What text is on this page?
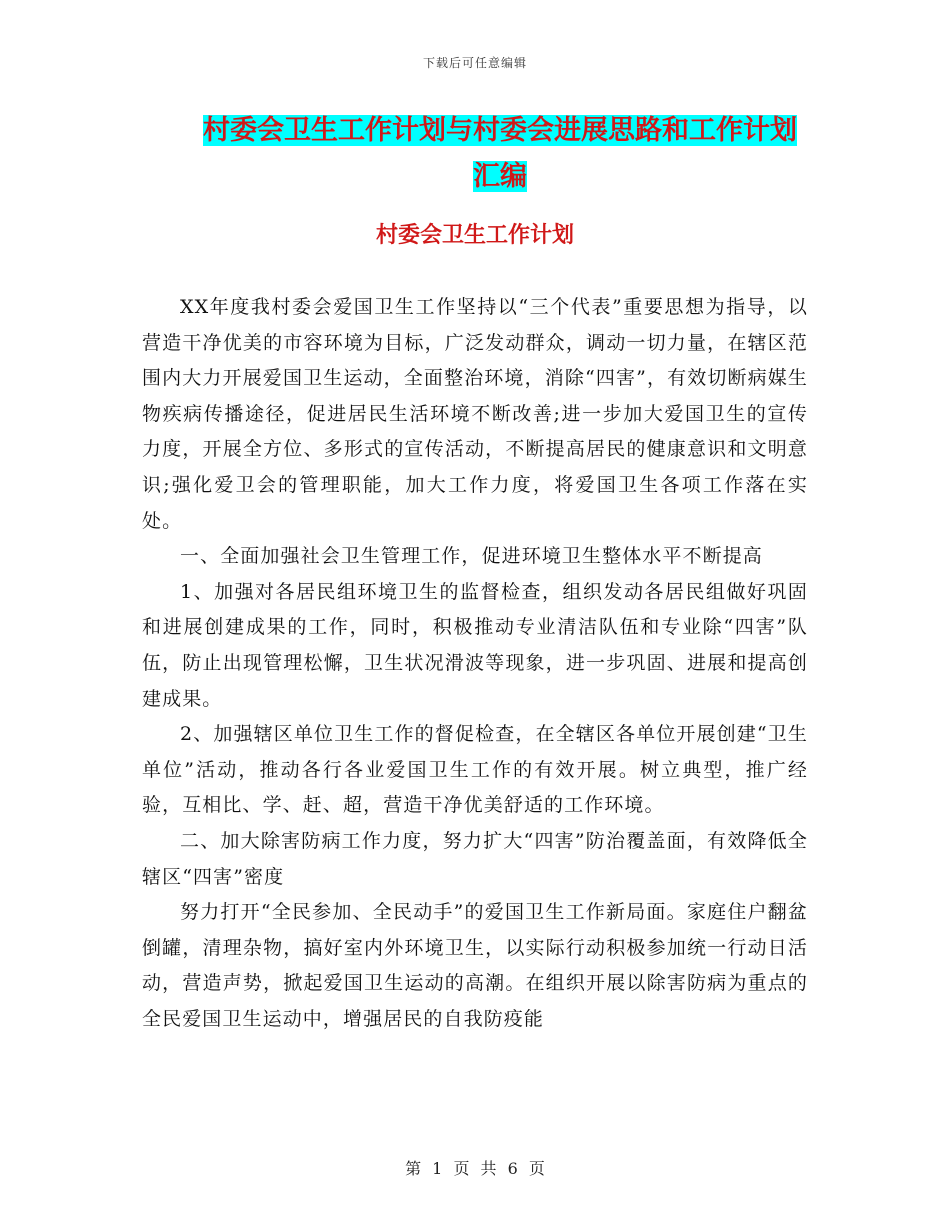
下载后可任意编辑
村委会卫生工作计划与村委会进展思路和工作计划汇编
村委会卫生工作计划

XX年度我村委会爱国卫生工作坚持以“三个代表”重要思想为指导，以营造干净优美的市容环境为目标，广泛发动群众，调动一切力量，在辖区范围内大力开展爱国卫生运动，全面整治环境，消除“四害”，有效切断病媒生物疾病传播途径，促进居民生活环境不断改善;进一步加大爱国卫生的宣传力度，开展全方位、多形式的宣传活动，不断提高居民的健康意识和文明意识;强化爱卫会的管理职能，加大工作力度，将爱国卫生各项工作落在实处。

一、全面加强社会卫生管理工作，促进环境卫生整体水平不断提高

1、加强对各居民组环境卫生的监督检查，组织发动各居民组做好巩固和进展创建成果的工作，同时，积极推动专业清洁队伍和专业除“四害”队伍，防止出现管理松懈，卫生状况滑波等现象，进一步巩固、进展和提高创建成果。

2、加强辖区单位卫生工作的督促检查，在全辖区各单位开展创建“卫生单位”活动，推动各行各业爱国卫生工作的有效开展。树立典型，推广经验，互相比、学、赶、超，营造干净优美舒适的工作环境。

二、加大除害防病工作力度，努力扩大“四害”防治覆盖面，有效降低全辖区“四害”密度

努力打开“全民参加、全民动手”的爱国卫生工作新局面。家庭住户翻盆倒罐，清理杂物，搞好室内外环境卫生，以实际行动积极参加统一行动日活动，营造声势，掀起爱国卫生运动的高潮。在组织开展以除害防病为重点的全民爱国卫生运动中，增强居民的自我防疫能

第 1 页 共 6 页
